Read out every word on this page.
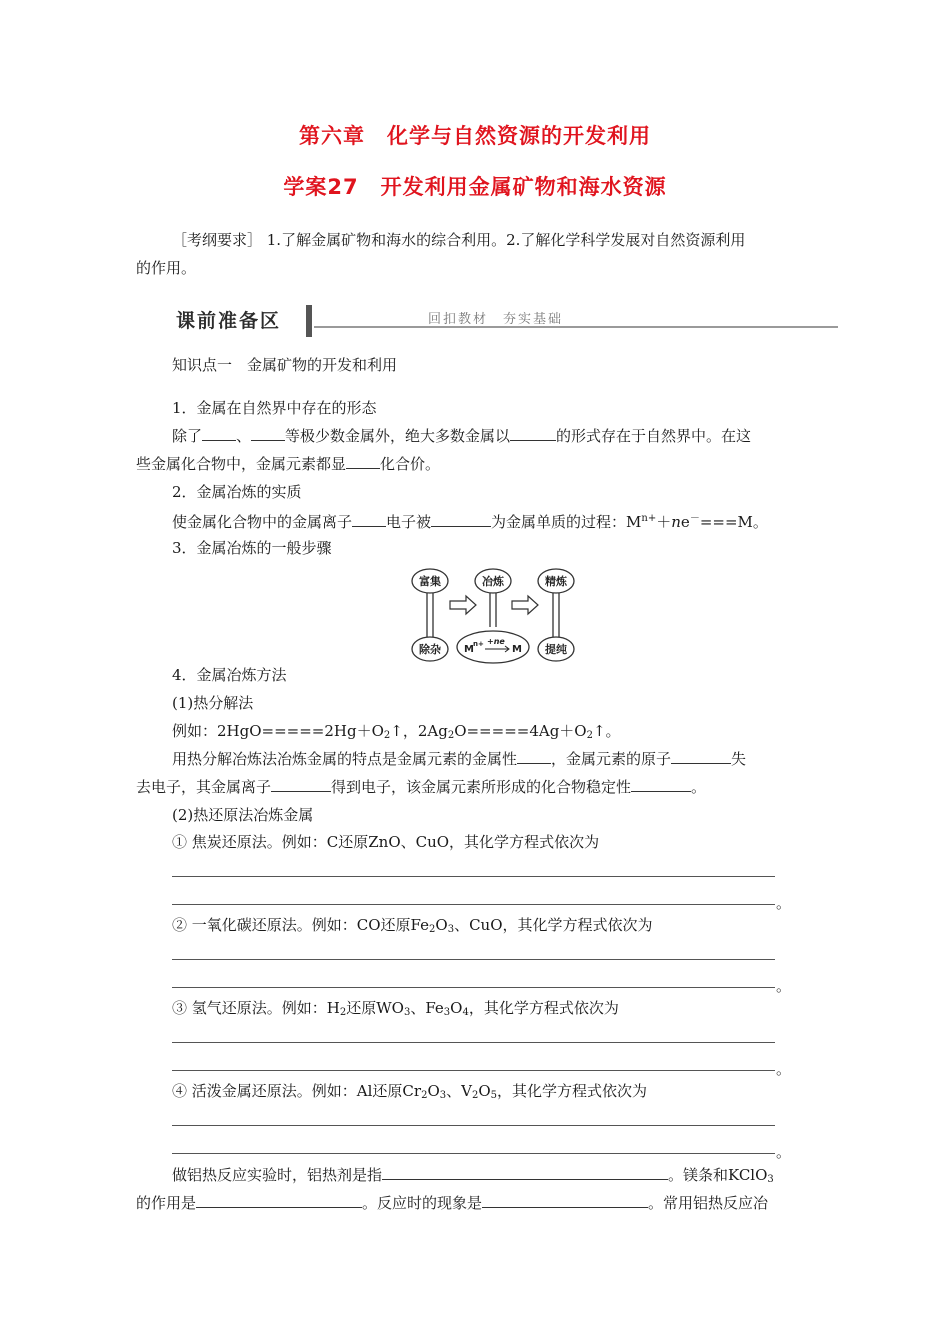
第六章　化学与自然资源的开发利用
学案27　开发利用金属矿物和海水资源
［考纲要求］ 1.了解金属矿物和海水的综合利用。2.了解化学科学发展对自然资源利用
的作用。
课前准备区	回扣教材　夯实基础
知识点一　金属矿物的开发和利用
1．金属在自然界中存在的形态
除了 、 等极少数金属外，绝大多数金属以	的形式存在于自然界中。在这
些金属化合物中，金属元素都显 化合价。
2．金属冶炼的实质
使金属化合物中的金属离子 电子被	为金属单质的过程：$M^{n+}+ne^-===M$。
3．金属冶炼的一般步骤
富集	冶炼	精炼
除杂	提纯
M n+ +ne
M
4．金属冶炼方法
(1)热分解法
例如：$2HgO=====2Hg+O_2↑$，$2Ag_2O=====4Ag+O_2↑$。
用热分解冶炼法冶炼金属的特点是金属元素的金属性 ，金属元素的原子	失
去电子，其金属离子	得到电子，该金属元素所形成的化合物稳定性	。
(2)热还原法冶炼金属
① 焦炭还原法。例如：C还原ZnO、CuO，其化学方程式依次为
。
② 一氧化碳还原法。例如：CO还原$Fe_2O_3$、CuO，其化学方程式依次为
。
③ 氢气还原法。例如：$H_2$还原$WO_3$、$Fe_3O_4$，其化学方程式依次为
。
④ 活泼金属还原法。例如：Al还原$Cr_2O_3$、$V_2O_5$，其化学方程式依次为
。
做铝热反应实验时，铝热剂是指	。镁条和KClO$_3$
的作用是	。反应时的现象是	。常用铝热反应冶
